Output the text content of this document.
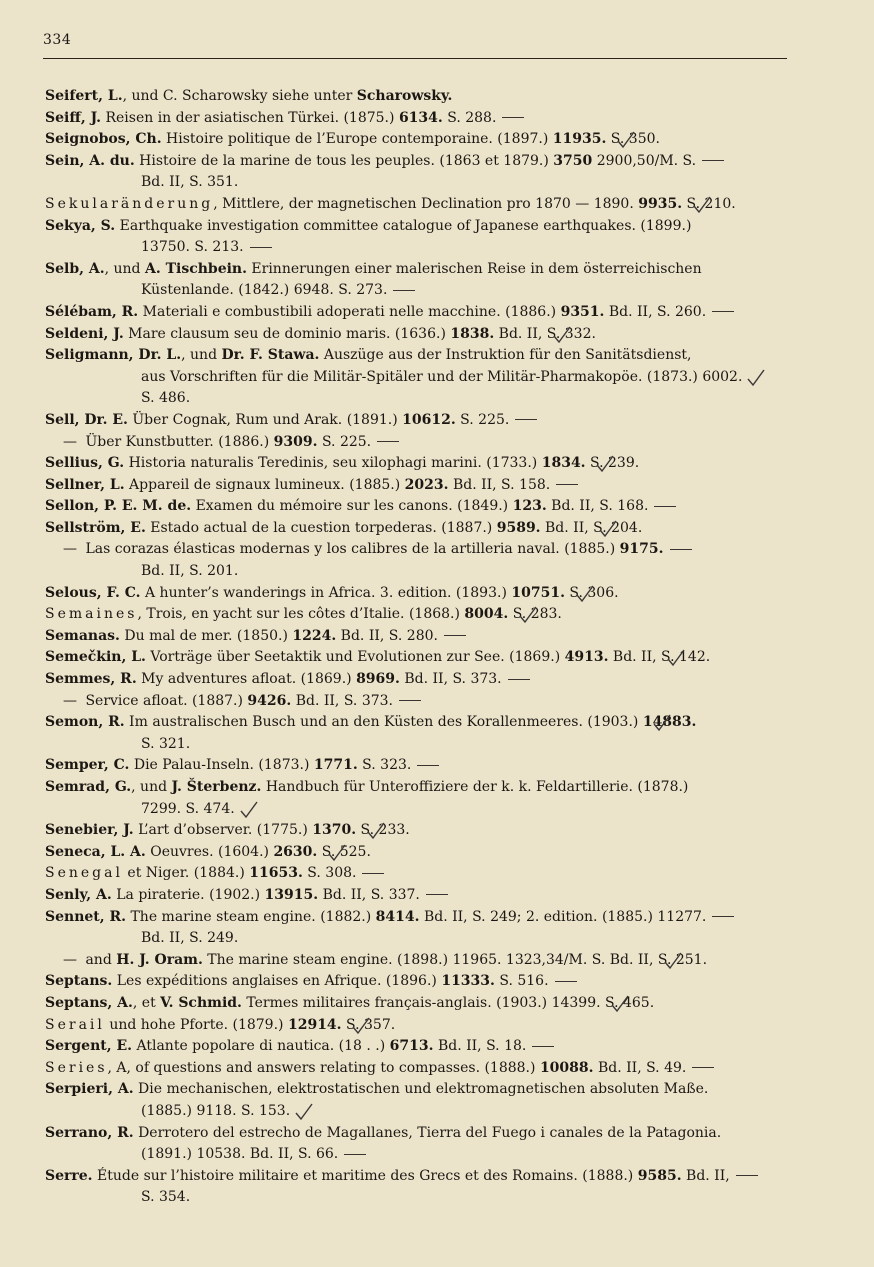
334
Seifert, L., und C. Scharowsky siehe unter Scharowsky.
Seiff, J. Reisen in der asiatischen Türkei. (1875.) 6134. S. 288.
Seignobos, Ch. Histoire politique de l’Europe contemporaine. (1897.) 11935. S. 350.
Sein, A. du. Histoire de la marine de tous les peuples. (1863 et 1879.) 3750 2900,50/M. S.
Bd. II, S. 351.
Sekularänderung, Mittlere, der magnetischen Declination pro 1870 — 1890. 9935. S. 210.
Sekya, S. Earthquake investigation committee catalogue of Japanese earthquakes. (1899.)
13750. S. 213.
Selb, A., und A. Tischbein. Erinnerungen einer malerischen Reise in dem österreichischen
Küstenlande. (1842.) 6948. S. 273.
Sélébam, R. Materiali e combustibili adoperati nelle macchine. (1886.) 9351. Bd. II, S. 260.
Seldeni, J. Mare clausum seu de dominio maris. (1636.) 1838. Bd. II, S. 332.
Seligmann, Dr. L., und Dr. F. Stawa. Auszüge aus der Instruktion für den Sanitätsdienst,
aus Vorschriften für die Militär-Spitäler und der Militär-Pharmakopöe. (1873.) 6002.
S. 486.
Sell, Dr. E. Über Cognak, Rum und Arak. (1891.) 10612. S. 225.
— Über Kunstbutter. (1886.) 9309. S. 225.
Sellius, G. Historia naturalis Teredinis, seu xilophagi marini. (1733.) 1834. S. 239.
Sellner, L. Appareil de signaux lumineux. (1885.) 2023. Bd. II, S. 158.
Sellon, P. E. M. de. Examen du mémoire sur les canons. (1849.) 123. Bd. II, S. 168.
Sellström, E. Estado actual de la cuestion torpederas. (1887.) 9589. Bd. II, S. 204.
— Las corazas élasticas modernas y los calibres de la artilleria naval. (1885.) 9175.
Bd. II, S. 201.
Selous, F. C. A hunter’s wanderings in Africa. 3. edition. (1893.) 10751. S. 306.
Semaines, Trois, en yacht sur les côtes d’Italie. (1868.) 8004. S. 283.
Semanas. Du mal de mer. (1850.) 1224. Bd. II, S. 280.
Semečkin, L. Vorträge über Seetaktik und Evolutionen zur See. (1869.) 4913. Bd. II, S. 142.
Semmes, R. My adventures afloat. (1869.) 8969. Bd. II, S. 373.
— Service afloat. (1887.) 9426. Bd. II, S. 373.
Semon, R. Im australischen Busch und an den Küsten des Korallenmeeres. (1903.) 14883.
S. 321.
Semper, C. Die Palau-Inseln. (1873.) 1771. S. 323.
Semrad, G., und J. Šterbenz. Handbuch für Unteroffiziere der k. k. Feldartillerie. (1878.)
7299. S. 474.
Senebier, J. L’art d’observer. (1775.) 1370. S. 233.
Seneca, L. A. Oeuvres. (1604.) 2630. S. 525.
Senegal et Niger. (1884.) 11653. S. 308.
Senly, A. La piraterie. (1902.) 13915. Bd. II, S. 337.
Sennet, R. The marine steam engine. (1882.) 8414. Bd. II, S. 249; 2. edition. (1885.) 11277.
Bd. II, S. 249.
— and H. J. Oram. The marine steam engine. (1898.) 11965. 1323,34/M. S. Bd. II, S. 251.
Septans. Les expéditions anglaises en Afrique. (1896.) 11333. S. 516.
Septans, A., et V. Schmid. Termes militaires français-anglais. (1903.) 14399. S. 465.
Serail und hohe Pforte. (1879.) 12914. S. 357.
Sergent, E. Atlante popolare di nautica. (18 . .) 6713. Bd. II, S. 18.
Series, A, of questions and answers relating to compasses. (1888.) 10088. Bd. II, S. 49.
Serpieri, A. Die mechanischen, elektrostatischen und elektromagnetischen absoluten Maße.
(1885.) 9118. S. 153.
Serrano, R. Derrotero del estrecho de Magallanes, Tierra del Fuego i canales de la Patagonia.
(1891.) 10538. Bd. II, S. 66.
Serre. Étude sur l’histoire militaire et maritime des Grecs et des Romains. (1888.) 9585. Bd. II,
S. 354.
